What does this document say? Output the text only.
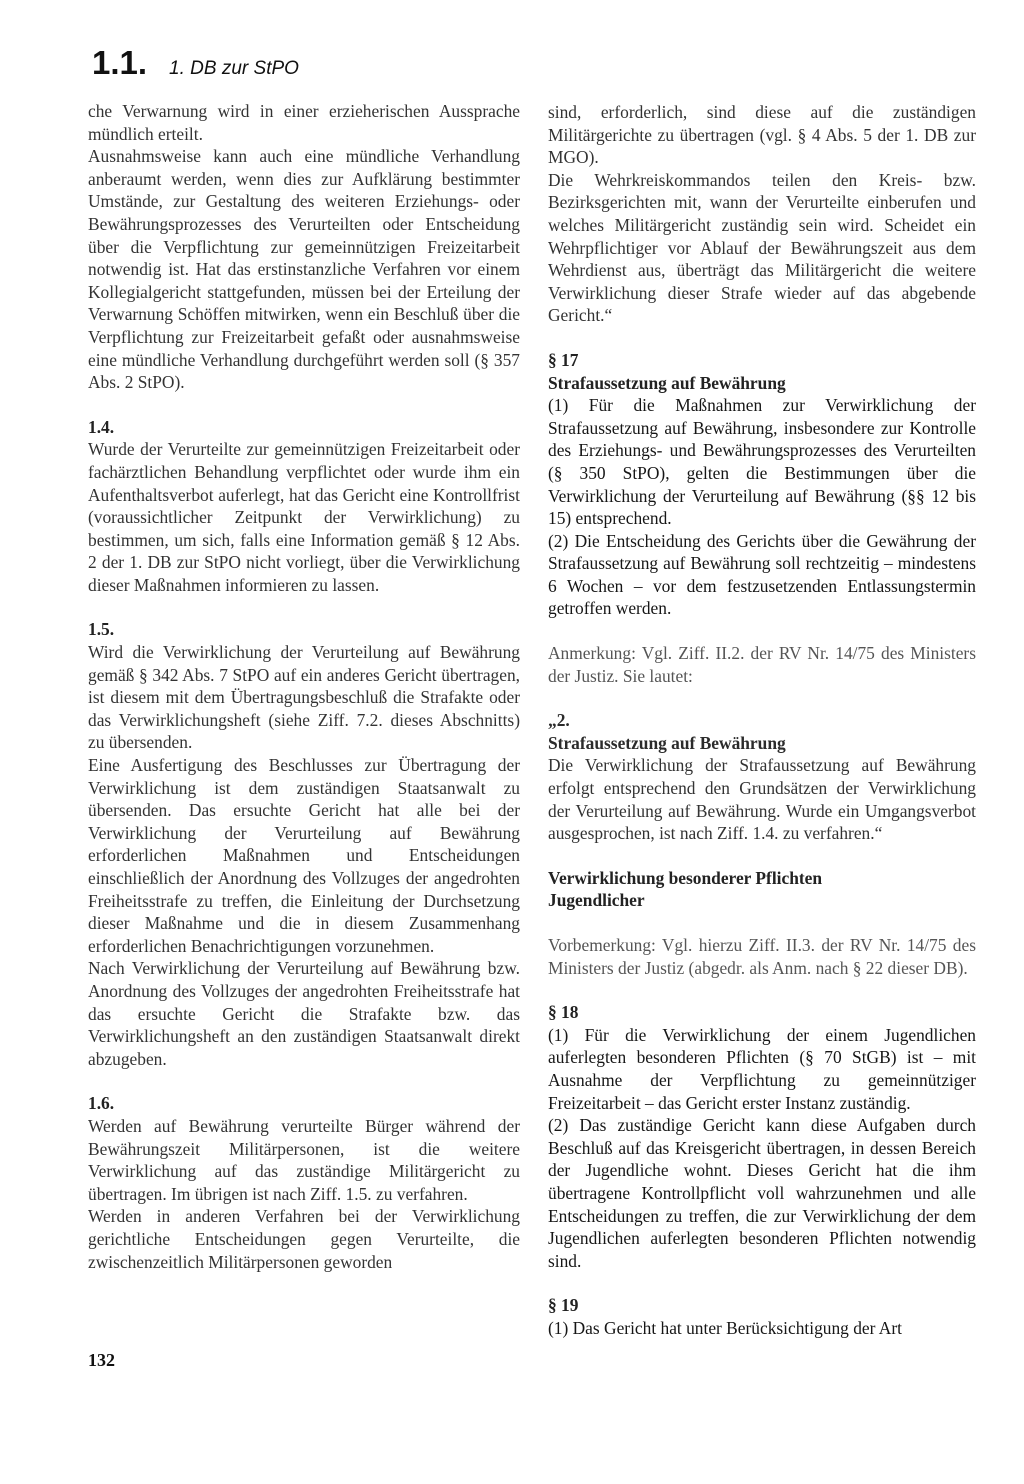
1.1. 1. DB zur StPO

che Verwarnung wird in einer erzieherischen Aussprache mündlich erteilt.

Ausnahmsweise kann auch eine mündliche Verhandlung anberaumt werden, wenn dies zur Aufklärung bestimmter Umstände, zur Gestaltung des weiteren Erziehungs- oder Bewährungsprozesses des Verurteilten oder Entscheidung über die Verpflichtung zur gemeinnützigen Freizeitarbeit notwendig ist. Hat das erstinstanzliche Verfahren vor einem Kollegialgericht stattgefunden, müssen bei der Erteilung der Verwarnung Schöffen mitwirken, wenn ein Beschluß über die Verpflichtung zur Freizeitarbeit gefaßt oder ausnahmsweise eine mündliche Verhandlung durchgeführt werden soll (§ 357 Abs. 2 StPO).

1.4.

Wurde der Verurteilte zur gemeinnützigen Freizeitarbeit oder fachärztlichen Behandlung verpflichtet oder wurde ihm ein Aufenthaltsverbot auferlegt, hat das Gericht eine Kontrollfrist (voraussichtlicher Zeitpunkt der Verwirklichung) zu bestimmen, um sich, falls eine Information gemäß § 12 Abs. 2 der 1. DB zur StPO nicht vorliegt, über die Verwirklichung dieser Maßnahmen informieren zu lassen.

1.5.

Wird die Verwirklichung der Verurteilung auf Bewährung gemäß § 342 Abs. 7 StPO auf ein anderes Gericht übertragen, ist diesem mit dem Übertragungsbeschluß die Strafakte oder das Verwirklichungsheft (siehe Ziff. 7.2. dieses Abschnitts) zu übersenden.

Eine Ausfertigung des Beschlusses zur Übertragung der Verwirklichung ist dem zuständigen Staatsanwalt zu übersenden. Das ersuchte Gericht hat alle bei der Verwirklichung der Verurteilung auf Bewährung erforderlichen Maßnahmen und Entscheidungen einschließlich der Anordnung des Vollzuges der angedrohten Freiheitsstrafe zu treffen, die Einleitung der Durchsetzung dieser Maßnahme und die in diesem Zusammenhang erforderlichen Benachrichtigungen vorzunehmen.

Nach Verwirklichung der Verurteilung auf Bewährung bzw. Anordnung des Vollzuges der angedrohten Freiheitsstrafe hat das ersuchte Gericht die Strafakte bzw. das Verwirklichungsheft an den zuständigen Staatsanwalt direkt abzugeben.

1.6.

Werden auf Bewährung verurteilte Bürger während der Bewährungszeit Militärpersonen, ist die weitere Verwirklichung auf das zuständige Militärgericht zu übertragen. Im übrigen ist nach Ziff. 1.5. zu verfahren.

Werden in anderen Verfahren bei der Verwirklichung gerichtliche Entscheidungen gegen Verurteilte, die zwischenzeitlich Militärpersonen geworden

sind, erforderlich, sind diese auf die zuständigen Militärgerichte zu übertragen (vgl. § 4 Abs. 5 der 1. DB zur MGO).

Die Wehrkreiskommandos teilen den Kreis- bzw. Bezirksgerichten mit, wann der Verurteilte einberufen und welches Militärgericht zuständig sein wird. Scheidet ein Wehrpflichtiger vor Ablauf der Bewährungszeit aus dem Wehrdienst aus, überträgt das Militärgericht die weitere Verwirklichung dieser Strafe wieder auf das abgebende Gericht.“

§ 17

Strafaussetzung auf Bewährung

(1) Für die Maßnahmen zur Verwirklichung der Strafaussetzung auf Bewährung, insbesondere zur Kontrolle des Erziehungs- und Bewährungsprozesses des Verurteilten (§ 350 StPO), gelten die Bestimmungen über die Verwirklichung der Verurteilung auf Bewährung (§§ 12 bis 15) entsprechend.

(2) Die Entscheidung des Gerichts über die Gewährung der Strafaussetzung auf Bewährung soll rechtzeitig – mindestens 6 Wochen – vor dem festzusetzenden Entlassungstermin getroffen werden.

Anmerkung: Vgl. Ziff. II.2. der RV Nr. 14/75 des Ministers der Justiz. Sie lautet:

„2.

Strafaussetzung auf Bewährung

Die Verwirklichung der Strafaussetzung auf Bewährung erfolgt entsprechend den Grundsätzen der Verwirklichung der Verurteilung auf Bewährung. Wurde ein Umgangsverbot ausgesprochen, ist nach Ziff. 1.4. zu verfahren.“

Verwirklichung besonderer Pflichten

Jugendlicher

Vorbemerkung: Vgl. hierzu Ziff. II.3. der RV Nr. 14/75 des Ministers der Justiz (abgedr. als Anm. nach § 22 dieser DB).

§ 18

(1) Für die Verwirklichung der einem Jugendlichen auferlegten besonderen Pflichten (§ 70 StGB) ist – mit Ausnahme der Verpflichtung zu gemeinnütziger Freizeitarbeit – das Gericht erster Instanz zuständig.

(2) Das zuständige Gericht kann diese Aufgaben durch Beschluß auf das Kreisgericht übertragen, in dessen Bereich der Jugendliche wohnt. Dieses Gericht hat die ihm übertragene Kontrollpflicht voll wahrzunehmen und alle Entscheidungen zu treffen, die zur Verwirklichung der dem Jugendlichen auferlegten besonderen Pflichten notwendig sind.

§ 19

(1) Das Gericht hat unter Berücksichtigung der Art

132
